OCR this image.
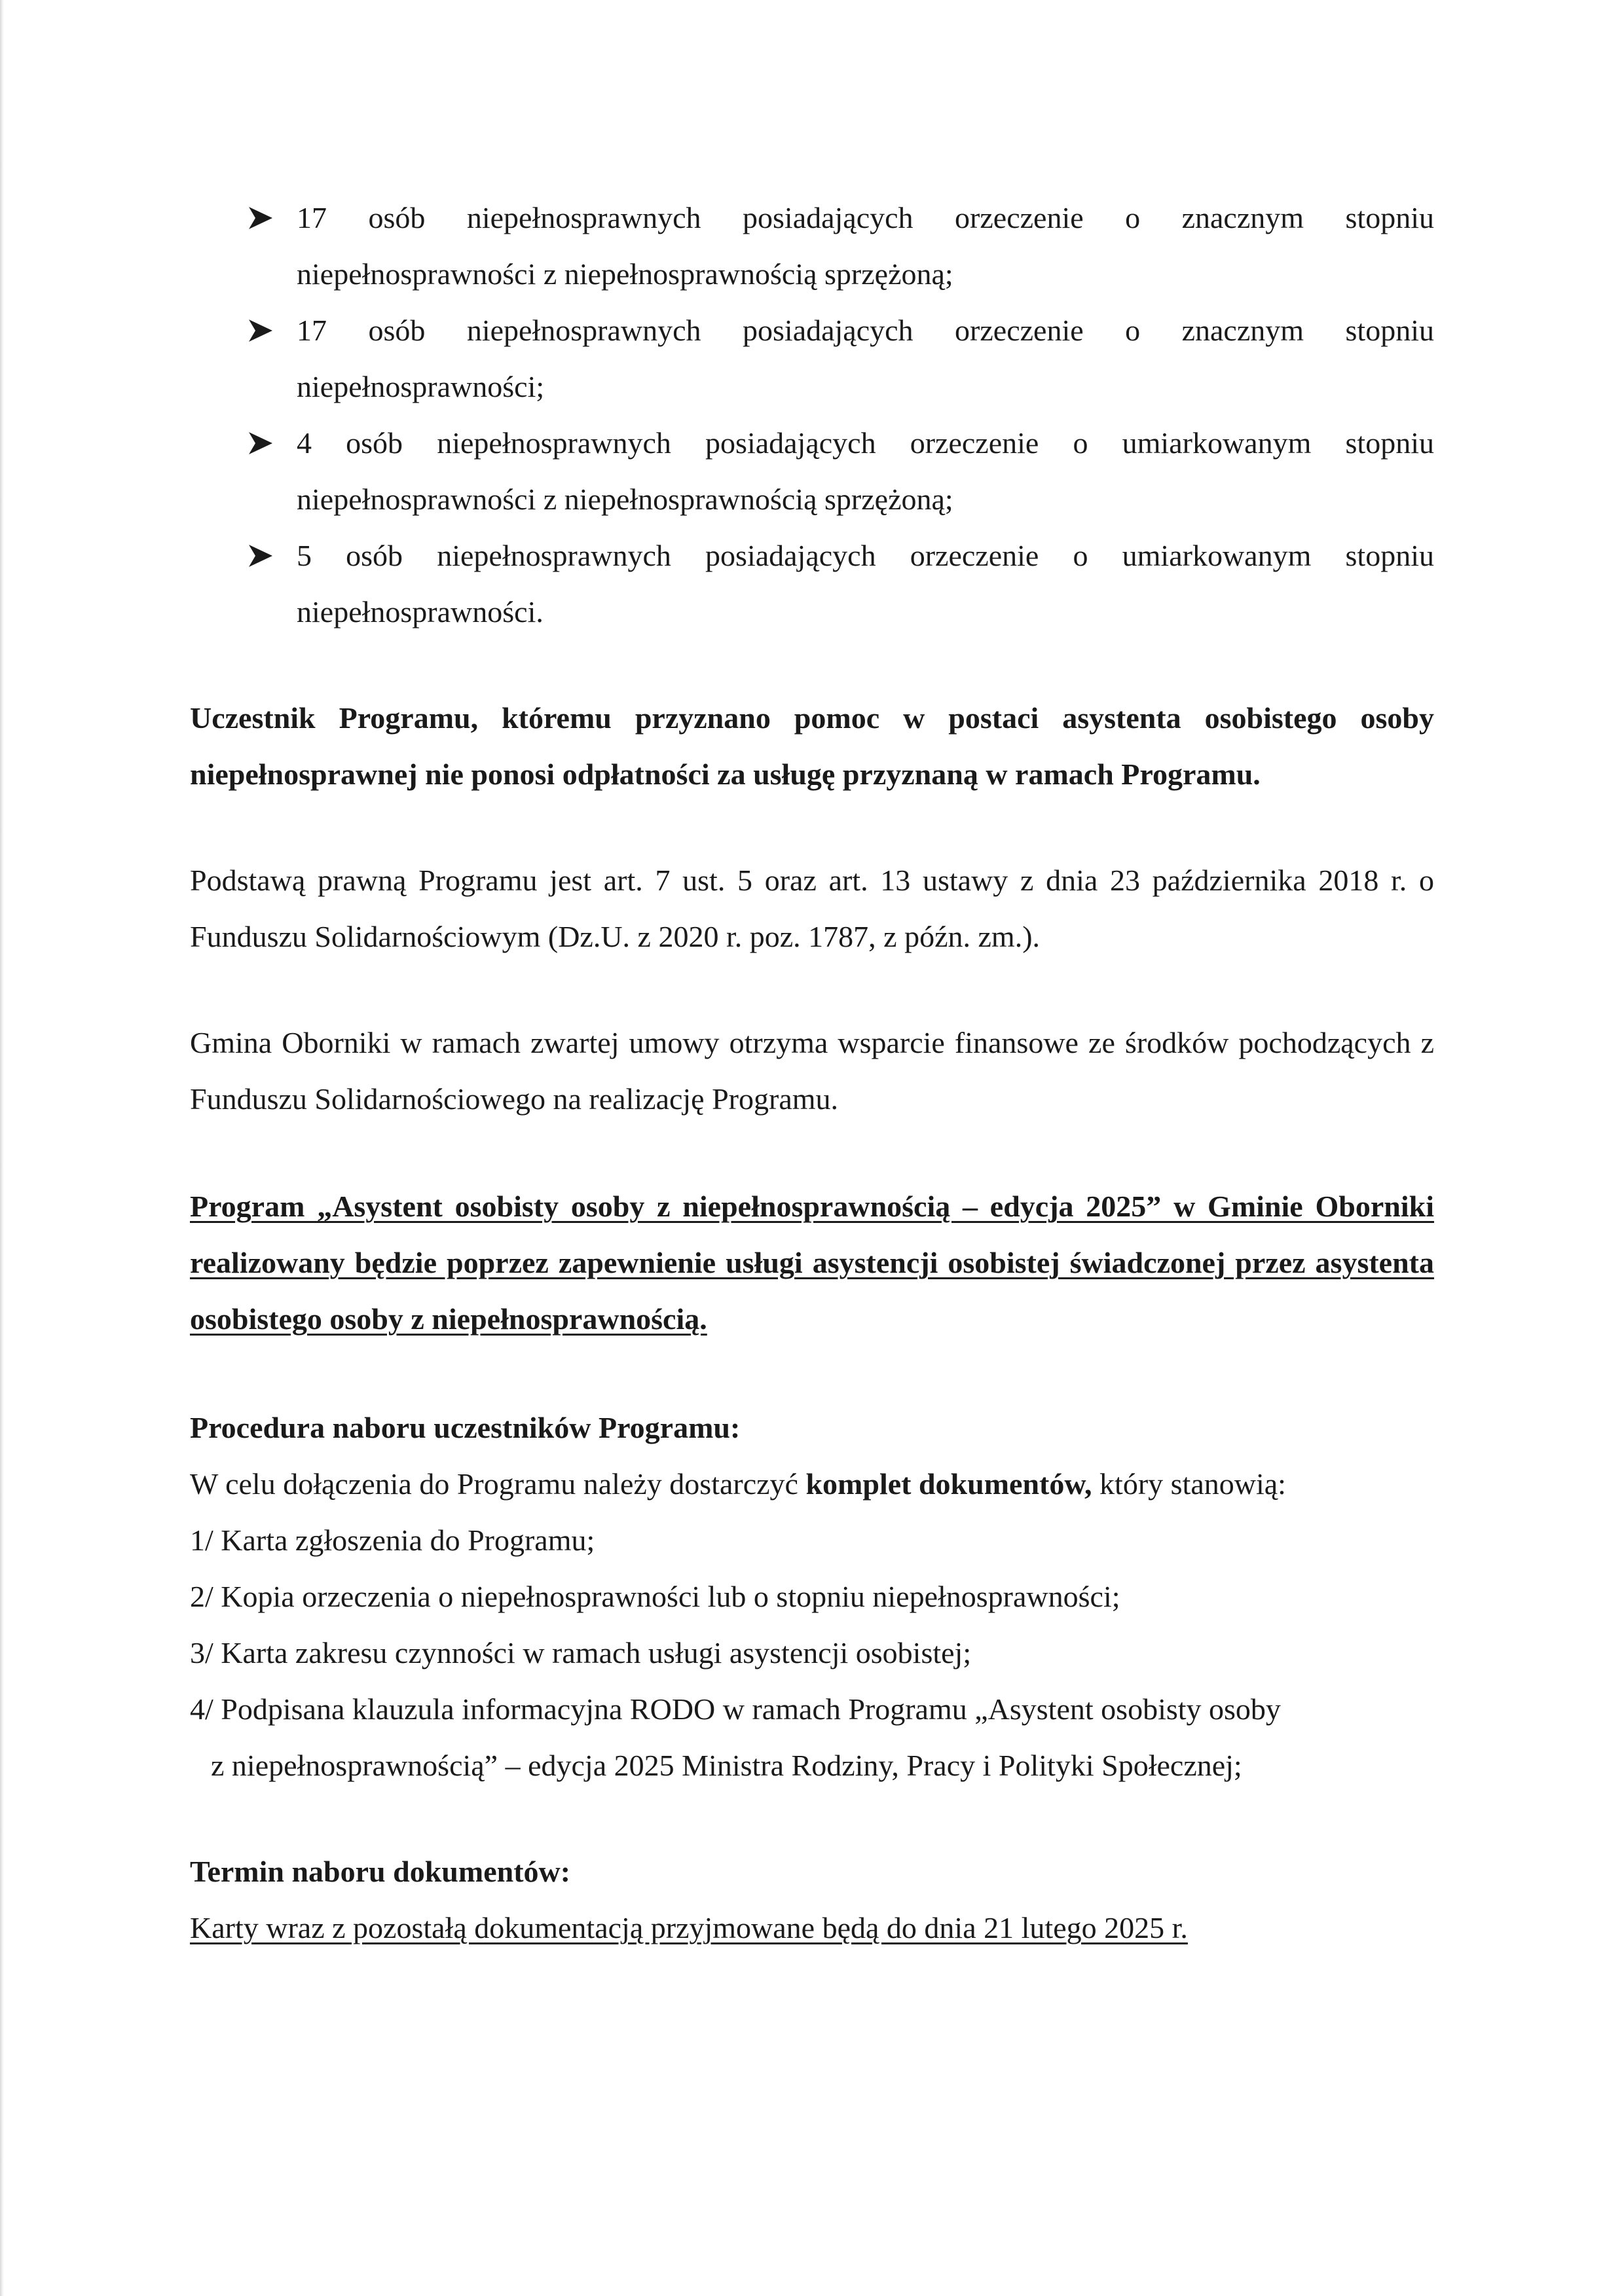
17 osób niepełnosprawnych posiadających orzeczenie o znacznym stopniu niepełnosprawności z niepełnosprawnością sprzężoną;
17 osób niepełnosprawnych posiadających orzeczenie o znacznym stopniu niepełnosprawności;
4 osób niepełnosprawnych posiadających orzeczenie o umiarkowanym stopniu niepełnosprawności z niepełnosprawnością sprzężoną;
5 osób niepełnosprawnych posiadających orzeczenie o umiarkowanym stopniu niepełnosprawności.

Uczestnik Programu, któremu przyznano pomoc w postaci asystenta osobistego osoby niepełnosprawnej nie ponosi odpłatności za usługę przyznaną w ramach Programu.

Podstawą prawną Programu jest art. 7 ust. 5 oraz art. 13 ustawy z dnia 23 października 2018 r. o Funduszu Solidarnościowym (Dz.U. z 2020 r. poz. 1787, z późn. zm.).

Gmina Oborniki w ramach zwartej umowy otrzyma wsparcie finansowe ze środków pochodzących z Funduszu Solidarnościowego na realizację Programu.

Program „Asystent osobisty osoby z niepełnosprawnością – edycja 2025” w Gminie Oborniki realizowany będzie poprzez zapewnienie usługi asystencji osobistej świadczonej przez asystenta osobistego osoby z niepełnosprawnością.

Procedura naboru uczestników Programu:

W celu dołączenia do Programu należy dostarczyć komplet dokumentów, który stanowią:

1/ Karta zgłoszenia do Programu;

2/ Kopia orzeczenia o niepełnosprawności lub o stopniu niepełnosprawności;

3/ Karta zakresu czynności w ramach usługi asystencji osobistej;

4/ Podpisana klauzula informacyjna RODO w ramach Programu „Asystent osobisty osoby

z niepełnosprawnością” – edycja 2025 Ministra Rodziny, Pracy i Polityki Społecznej;

Termin naboru dokumentów:

Karty wraz z pozostałą dokumentacją przyjmowane będą do dnia 21 lutego 2025 r.
